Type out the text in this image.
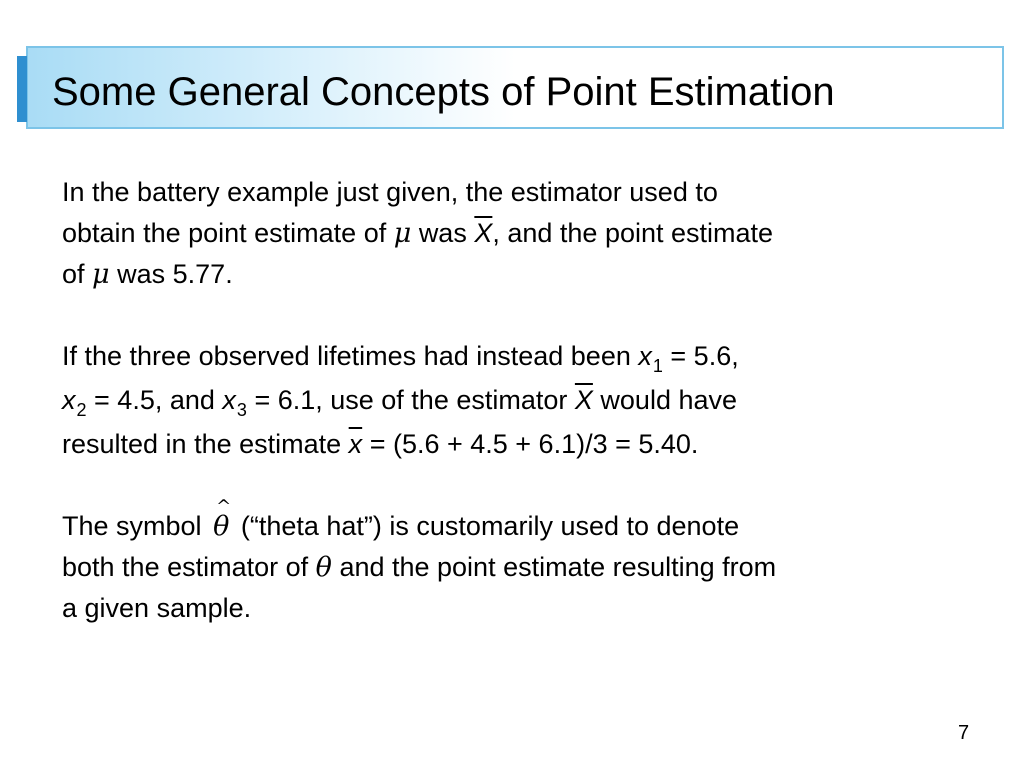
Some General Concepts of Point Estimation

In the battery example just given, the estimator used to
obtain the point estimate of μ was $\overline{X}$, and the point estimate
of μ was 5.77.

If the three observed lifetimes had instead been $x_1 = 5.6$,
$x_2 = 4.5$, and $x_3 = 6.1$, use of the estimator $\overline{X}$ would have
resulted in the estimate $\overline{x} = (5.6 + 4.5 + 6.1)/3 = 5.40$.

The symbol ^ θ (“theta hat”) is customarily used to denote
both the estimator of θ and the point estimate resulting from
a given sample.

7
